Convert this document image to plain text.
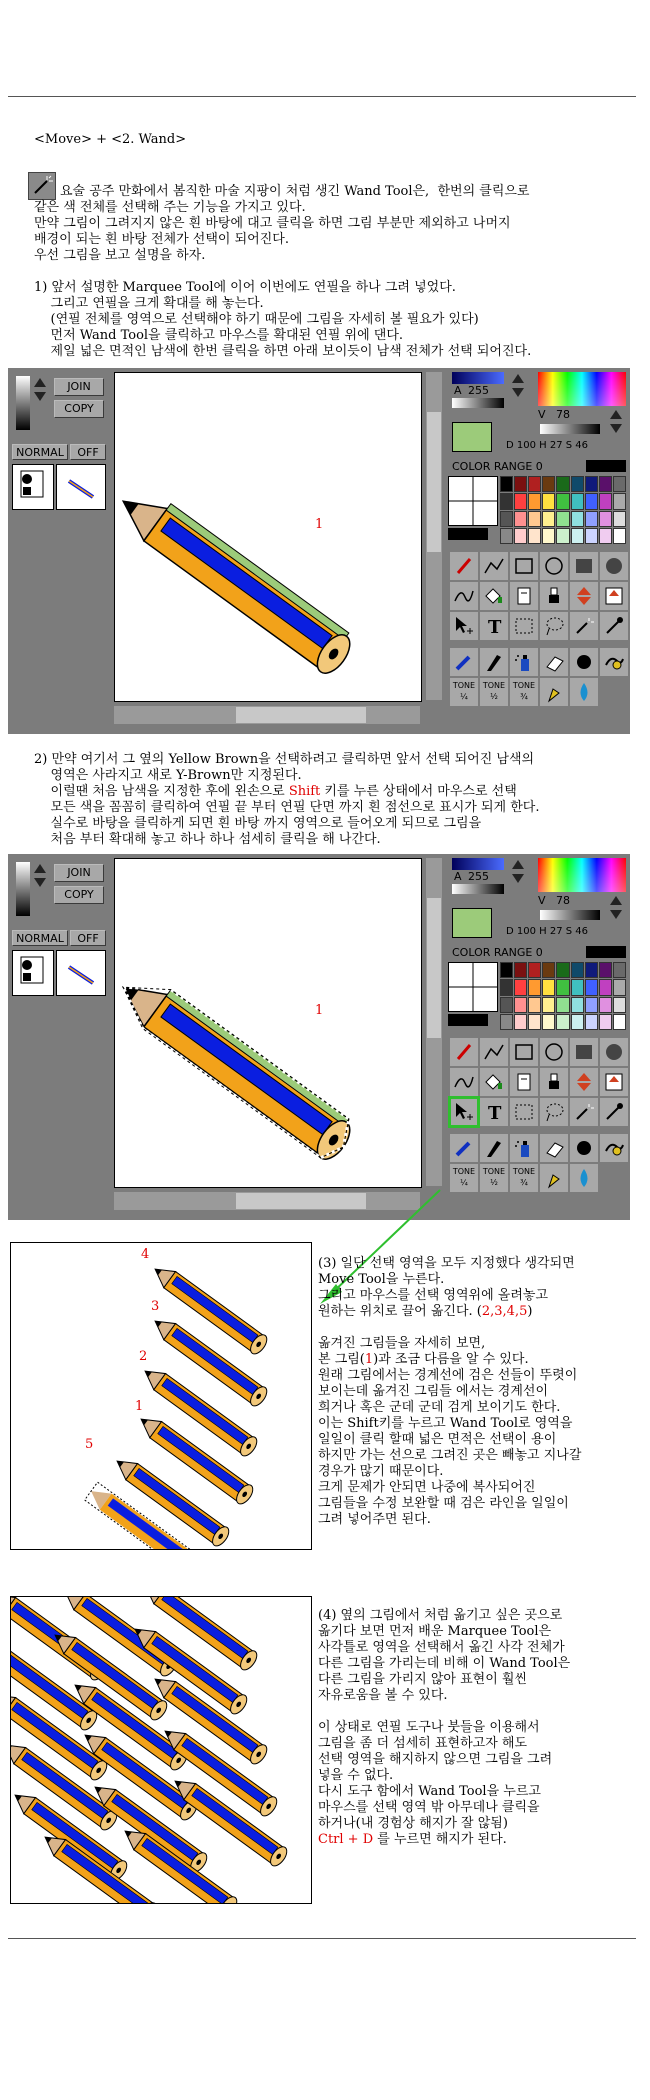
<Move> + <2. Wand>
요술 공주 만화에서 봄직한 마술 지팡이 처럼 생긴 Wand Tool은,  한번의 클릭으로
같은 색 전체를 선택해 주는 기능을 가지고 있다.
만약 그림이 그려지지 않은 흰 바탕에 대고 클릭을 하면 그림 부분만 제외하고 나머지
배경이 되는 흰 바탕 전체가 선택이 되어진다.
우선 그림을 보고 설명을 하자.
1) 앞서 설명한 Marquee Tool에 이어 이번에도 연필을 하나 그려 넣었다.
그리고 연필을 크게 확대를 해 놓는다.
(연필 전체를 영역으로 선택해야 하기 때문에 그림을 자세히 볼 필요가 있다)
먼저 Wand Tool을 클릭하고 마우스를 확대된 연필 위에 댄다.
제일 넓은 면적인 남색에 한번 클릭을 하면 아래 보이듯이 남색 전체가 선택 되어진다.
JOIN
COPY
NORMAL	OFF
1
A 255
V 78
D 100 H 27 S 46
COLOR RANGE 0
T
TONE
¼
TONE
½
TONE
¾
2) 만약 여기서 그 옆의 Yellow Brown을 선택하려고 클릭하면 앞서 선택 되어진 남색의
영역은 사라지고 새로 Y-Brown만 지정된다.
이럴땐 처음 남색을 지정한 후에 왼손으로 Shift 키를 누른 상태에서 마우스로 선택
모든 색을 꼼꼼히 클릭하여 연필 끝 부터 연필 단면 까지 흰 점선으로 표시가 되게 한다.
실수로 바탕을 클릭하게 되면 흰 바탕 까지 영역으로 들어오게 되므로 그림을
처음 부터 확대해 놓고 하나 하나 섬세히 클릭을 해 나간다.
JOIN
COPY
NORMAL	OFF
1
A 255
V 78
D 100 H 27 S 46
COLOR RANGE 0
T
TONE
¼
TONE
½
TONE
¾
4
3
2
1
5
(3) 일단 선택 영역을 모두 지정했다 생각되면
Move Tool을 누른다.
그리고 마우스를 선택 영역위에 올려놓고
원하는 위치로 끌어 옮긴다. (2,3,4,5)
옮겨진 그림들을 자세히 보면,
본 그림(1)과 조금 다름을 알 수 있다.
원래 그림에서는 경계선에 검은 선들이 뚜렷이
보이는데 옮겨진 그림들 에서는 경계선이
희거나 혹은 군데 군데 검게 보이기도 한다.
이는 Shift키를 누르고 Wand Tool로 영역을
일일이 클릭 할때 넓은 면적은 선택이 용이
하지만 가는 선으로 그려진 곳은 빼놓고 지나갈
경우가 많기 때문이다.
크게 문제가 안되면 나중에 복사되어진
그림들을 수정 보완할 때 검은 라인을 일일이
그려 넣어주면 된다.
(4) 옆의 그림에서 처럼 옮기고 싶은 곳으로
옮기다 보면 먼저 배운 Marquee Tool은
사각틀로 영역을 선택해서 옮긴 사각 전체가
다른 그림을 가리는데 비해 이 Wand Tool은
다른 그림을 가리지 않아 표현이 훨씬
자유로움을 볼 수 있다.
이 상태로 연필 도구나 붓들을 이용해서
그림을 좀 더 섬세히 표현하고자 해도
선택 영역을 해지하지 않으면 그림을 그려
넣을 수 없다.
다시 도구 함에서 Wand Tool을 누르고
마우스를 선택 영역 밖 아무데나 클릭을
하거나(내 경험상 해지가 잘 않됨)
Ctrl + D 를 누르면 해지가 된다.
